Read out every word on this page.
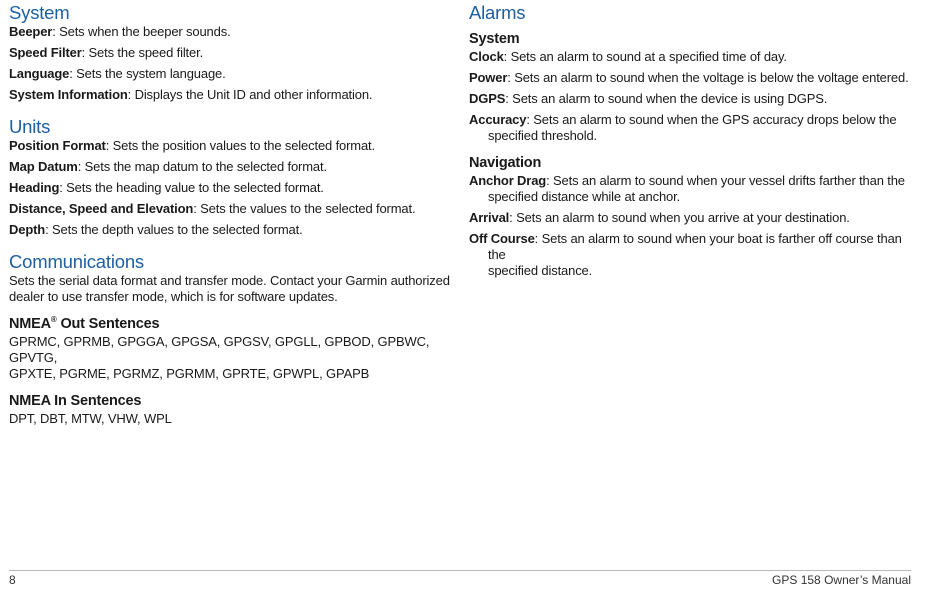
System

Beeper: Sets when the beeper sounds.

Speed Filter: Sets the speed filter.

Language: Sets the system language.

System Information: Displays the Unit ID and other information.

Units

Position Format: Sets the position values to the selected format.

Map Datum: Sets the map datum to the selected format.

Heading: Sets the heading value to the selected format.

Distance, Speed and Elevation: Sets the values to the selected format.

Depth: Sets the depth values to the selected format.

Communications

Sets the serial data format and transfer mode. Contact your Garmin authorized
dealer to use transfer mode, which is for software updates.

NMEA® Out Sentences

GPRMC, GPRMB, GPGGA, GPGSA, GPGSV, GPGLL, GPBOD, GPBWC, GPVTG,
GPXTE, PGRME, PGRMZ, PGRMM, GPRTE, GPWPL, GPAPB

NMEA In Sentences

DPT, DBT, MTW, VHW, WPL

Alarms
System

Clock: Sets an alarm to sound at a specified time of day.

Power: Sets an alarm to sound when the voltage is below the voltage entered.

DGPS: Sets an alarm to sound when the device is using DGPS.

Accuracy: Sets an alarm to sound when the GPS accuracy drops below the
specified threshold.

Navigation

Anchor Drag: Sets an alarm to sound when your vessel drifts farther than the
specified distance while at anchor.

Arrival: Sets an alarm to sound when you arrive at your destination.

Off Course: Sets an alarm to sound when your boat is farther off course than the
specified distance.

8	GPS 158 Owner’s Manual
